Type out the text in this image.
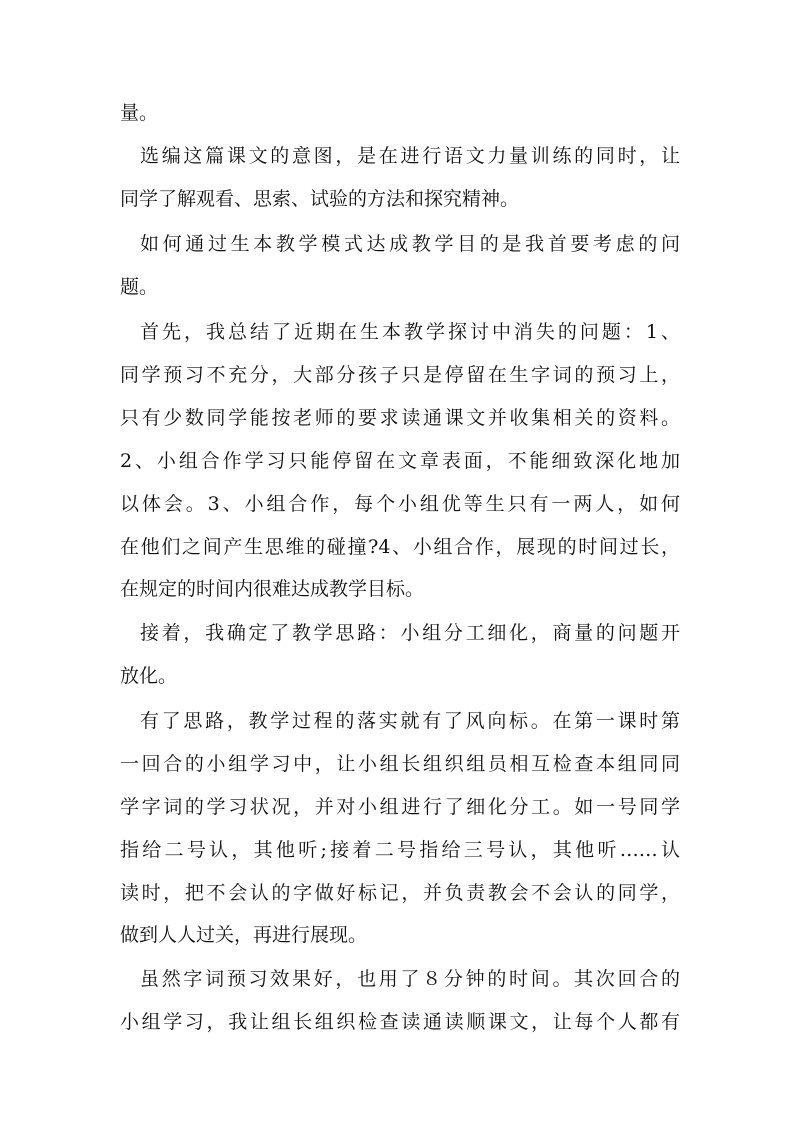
量。
选编这篇课文的意图，是在进行语文力量训练的同时，让
同学了解观看、思索、试验的方法和探究精神。
如何通过生本教学模式达成教学目的是我首要考虑的问
题。
首先，我总结了近期在生本教学探讨中消失的问题：1、
同学预习不充分，大部分孩子只是停留在生字词的预习上，
只有少数同学能按老师的要求读通课文并收集相关的资料。
2、小组合作学习只能停留在文章表面，不能细致深化地加
以体会。3、小组合作，每个小组优等生只有一两人，如何
在他们之间产生思维的碰撞?4、小组合作，展现的时间过长，
在规定的时间内很难达成教学目标。
接着，我确定了教学思路：小组分工细化，商量的问题开
放化。
有了思路，教学过程的落实就有了风向标。在第一课时第
一回合的小组学习中，让小组长组织组员相互检查本组同同
学字词的学习状况，并对小组进行了细化分工。如一号同学
指给二号认，其他听;接着二号指给三号认，其他听……认
读时，把不会认的字做好标记，并负责教会不会认的同学，
做到人人过关，再进行展现。
虽然字词预习效果好，也用了８分钟的时间。其次回合的
小组学习，我让组长组织检查读通读顺课文，让每个人都有
